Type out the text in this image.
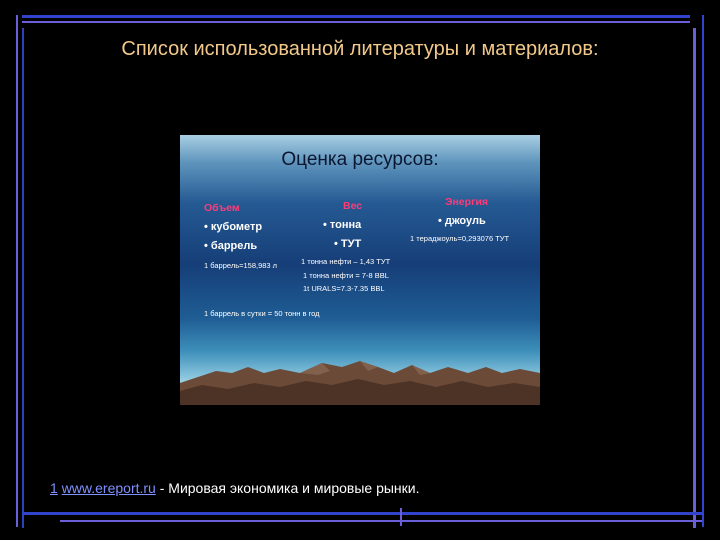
Список использованной литературы и материалов:
Оценка ресурсов:
Объем
• кубометр
• баррель
1 баррель=158,983 л
Вес
• тонна
• ТУТ
1 тонна нефти – 1,43 ТУТ
1 тонна нефти = 7-8 BBL
1t URALS=7.3-7.35 BBL
Энергия
• джоуль
1 тераджоуль=0,293076 ТУТ
1 баррель в сутки = 50 тонн в год
1 www.ereport.ru - Мировая экономика и мировые рынки.
